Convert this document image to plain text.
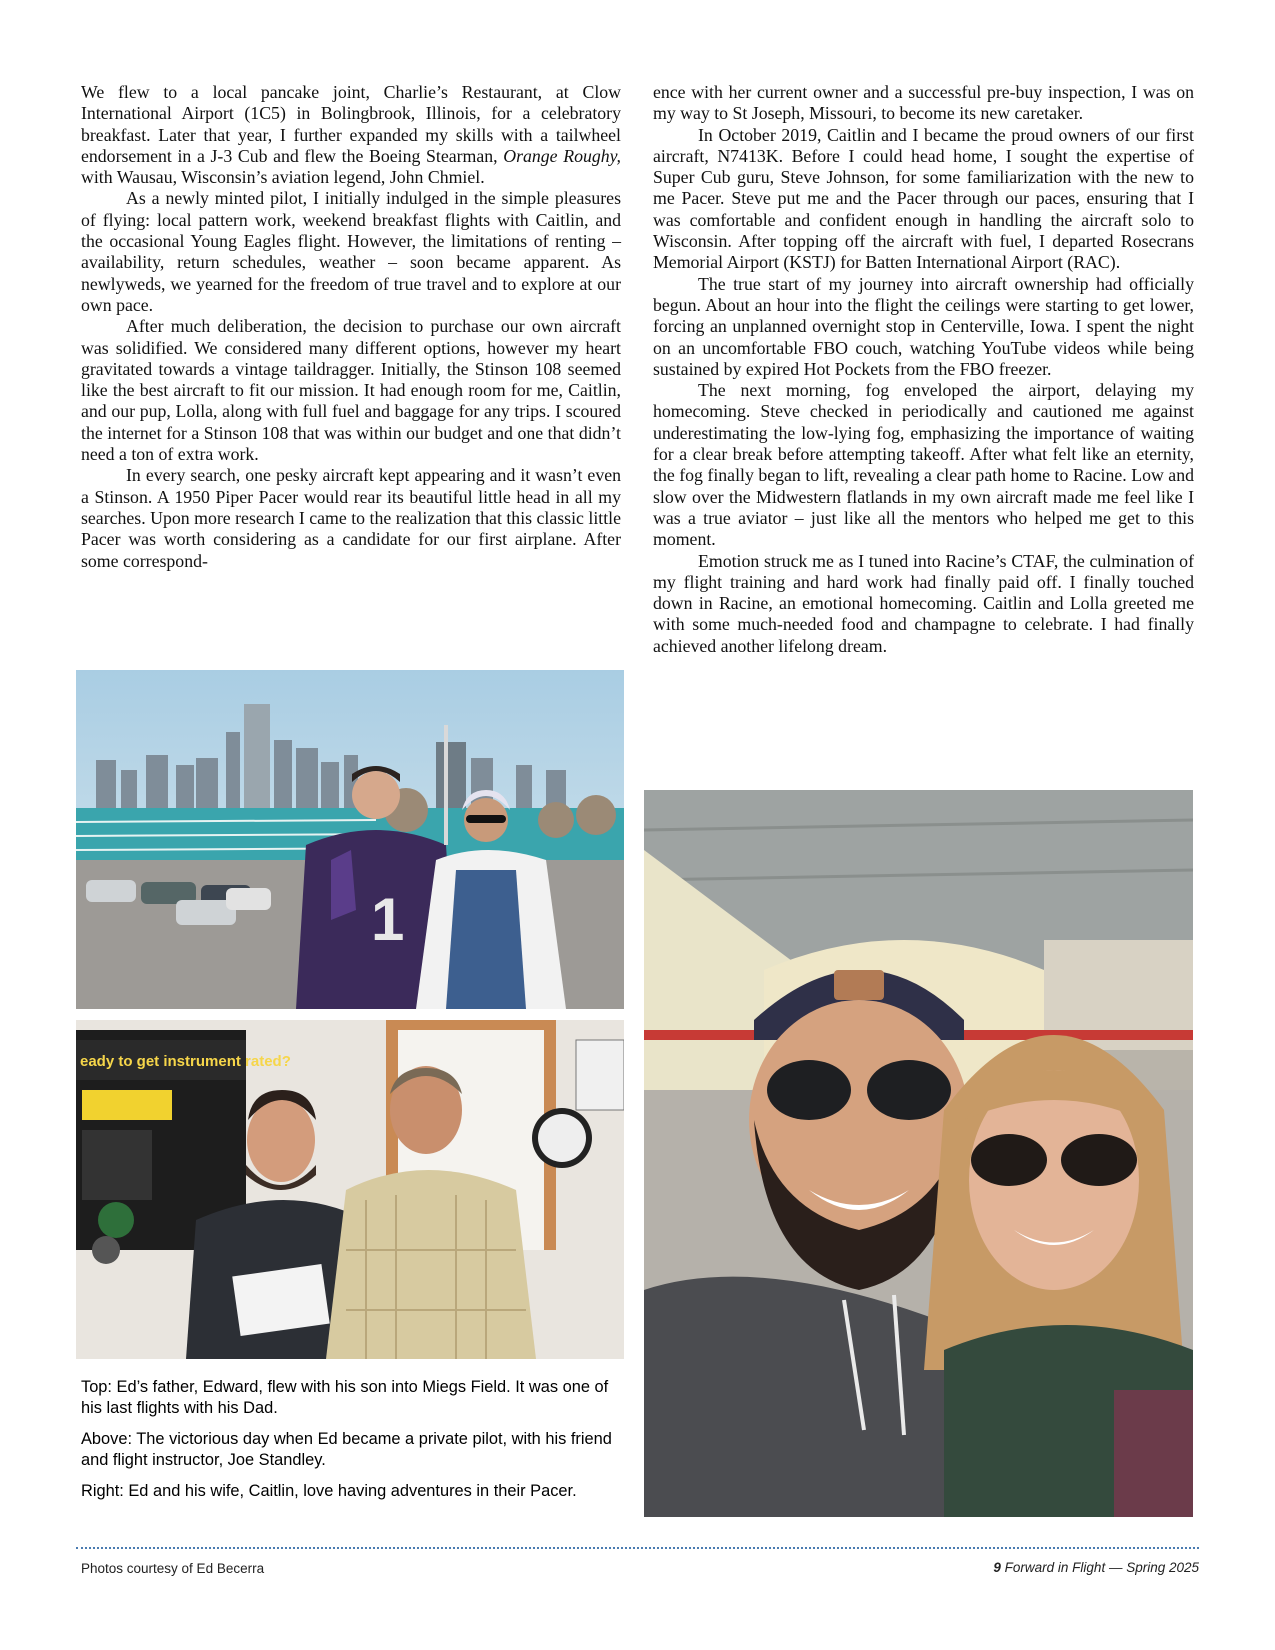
We flew to a local pancake joint, Charlie’s Restaurant, at Clow International Airport (1C5) in Bolingbrook, Illinois, for a celebratory breakfast. Later that year, I further expanded my skills with a tailwheel endorsement in a J-3 Cub and flew the Boeing Stearman, Orange Roughy, with Wausau, Wisconsin’s aviation legend, John Chmiel.

As a newly minted pilot, I initially indulged in the simple pleasures of flying: local pattern work, weekend breakfast flights with Caitlin, and the occasional Young Eagles flight. However, the limitations of renting – availability, return schedules, weather – soon became apparent. As newlyweds, we yearned for the freedom of true travel and to explore at our own pace.

After much deliberation, the decision to purchase our own aircraft was solidified. We considered many different options, however my heart gravitated towards a vintage taildragger. Initially, the Stinson 108 seemed like the best aircraft to fit our mission. It had enough room for me, Caitlin, and our pup, Lolla, along with full fuel and baggage for any trips. I scoured the internet for a Stinson 108 that was within our budget and one that didn’t need a ton of extra work.

In every search, one pesky aircraft kept appearing and it wasn’t even a Stinson. A 1950 Piper Pacer would rear its beautiful little head in all my searches. Upon more research I came to the realization that this classic little Pacer was worth considering as a candidate for our first airplane. After some correspond-

ence with her current owner and a successful pre-buy inspection, I was on my way to St Joseph, Missouri, to become its new caretaker.

In October 2019, Caitlin and I became the proud owners of our first aircraft, N7413K. Before I could head home, I sought the expertise of Super Cub guru, Steve Johnson, for some familiarization with the new to me Pacer. Steve put me and the Pacer through our paces, ensuring that I was comfortable and confident enough in handling the aircraft solo to Wisconsin. After topping off the aircraft with fuel, I departed Rosecrans Memorial Airport (KSTJ) for Batten International Airport (RAC).

The true start of my journey into aircraft ownership had officially begun. About an hour into the flight the ceilings were starting to get lower, forcing an unplanned overnight stop in Centerville, Iowa. I spent the night on an uncomfortable FBO couch, watching YouTube videos while being sustained by expired Hot Pockets from the FBO freezer.

The next morning, fog enveloped the airport, delaying my homecoming. Steve checked in periodically and cautioned me against underestimating the low-lying fog, emphasizing the importance of waiting for a clear break before attempting takeoff. After what felt like an eternity, the fog finally began to lift, revealing a clear path home to Racine. Low and slow over the Midwestern flatlands in my own aircraft made me feel like I was a true aviator – just like all the mentors who helped me get to this moment.

Emotion struck me as I tuned into Racine’s CTAF, the culmination of my flight training and hard work had finally paid off. I finally touched down in Racine, an emotional homecoming. Caitlin and Lolla greeted me with some much-needed food and champagne to celebrate. I had finally achieved another lifelong dream.

1
eady to get instrument rated?

Top: Ed’s father, Edward, flew with his son into Miegs Field. It was one of his last flights with his Dad.

Above: The victorious day when Ed became a private pilot, with his friend and flight instructor, Joe Standley.

Right: Ed and his wife, Caitlin, love having adventures in their Pacer.

Photos courtesy of Ed Becerra	9 Forward in Flight — Spring 2025
